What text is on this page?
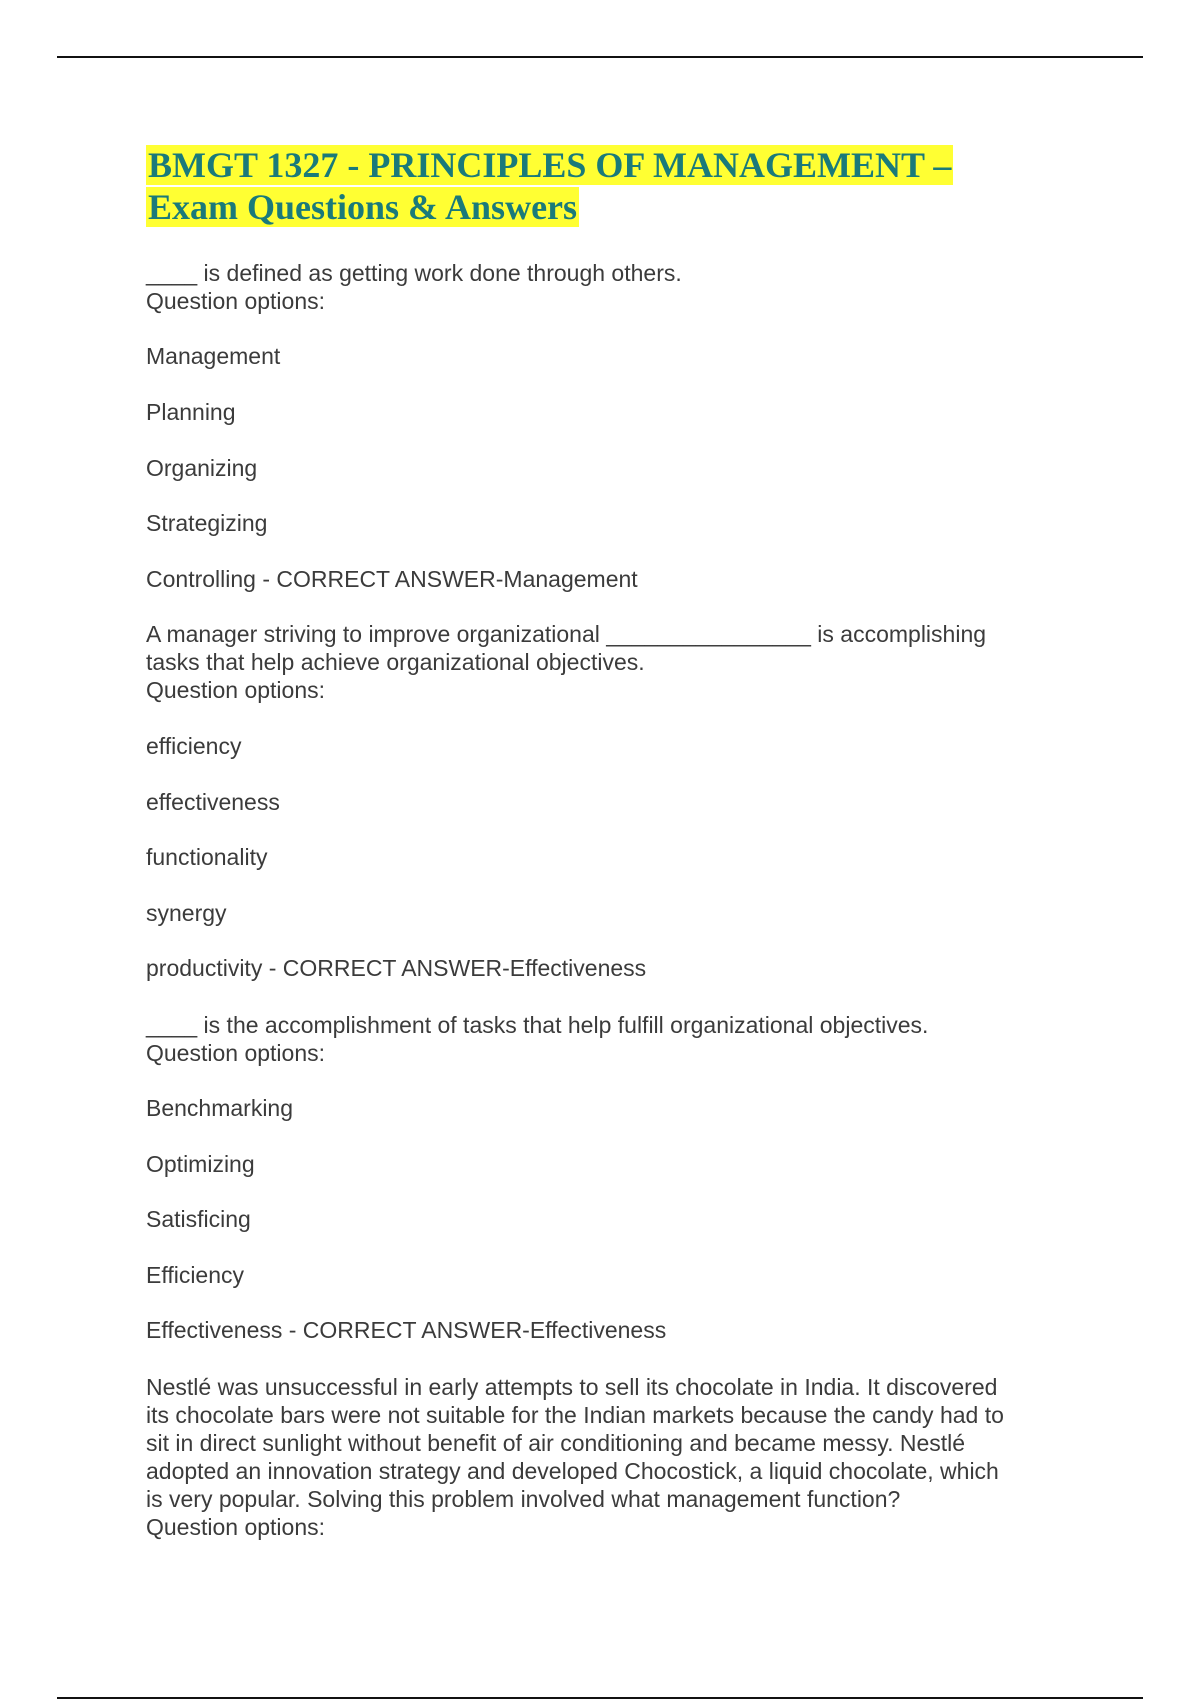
BMGT 1327 - PRINCIPLES OF MANAGEMENT –
Exam Questions & Answers

____ is defined as getting work done through others.

Question options:

Management

Planning

Organizing

Strategizing

Controlling - CORRECT ANSWER-Management

A manager striving to improve organizational ________________ is accomplishing

tasks that help achieve organizational objectives.

Question options:

efficiency

effectiveness

functionality

synergy

productivity - CORRECT ANSWER-Effectiveness

____ is the accomplishment of tasks that help fulfill organizational objectives.

Question options:

Benchmarking

Optimizing

Satisficing

Efficiency

Effectiveness - CORRECT ANSWER-Effectiveness

Nestlé was unsuccessful in early attempts to sell its chocolate in India. It discovered

its chocolate bars were not suitable for the Indian markets because the candy had to

sit in direct sunlight without benefit of air conditioning and became messy. Nestlé

adopted an innovation strategy and developed Chocostick, a liquid chocolate, which

is very popular. Solving this problem involved what management function?

Question options:
